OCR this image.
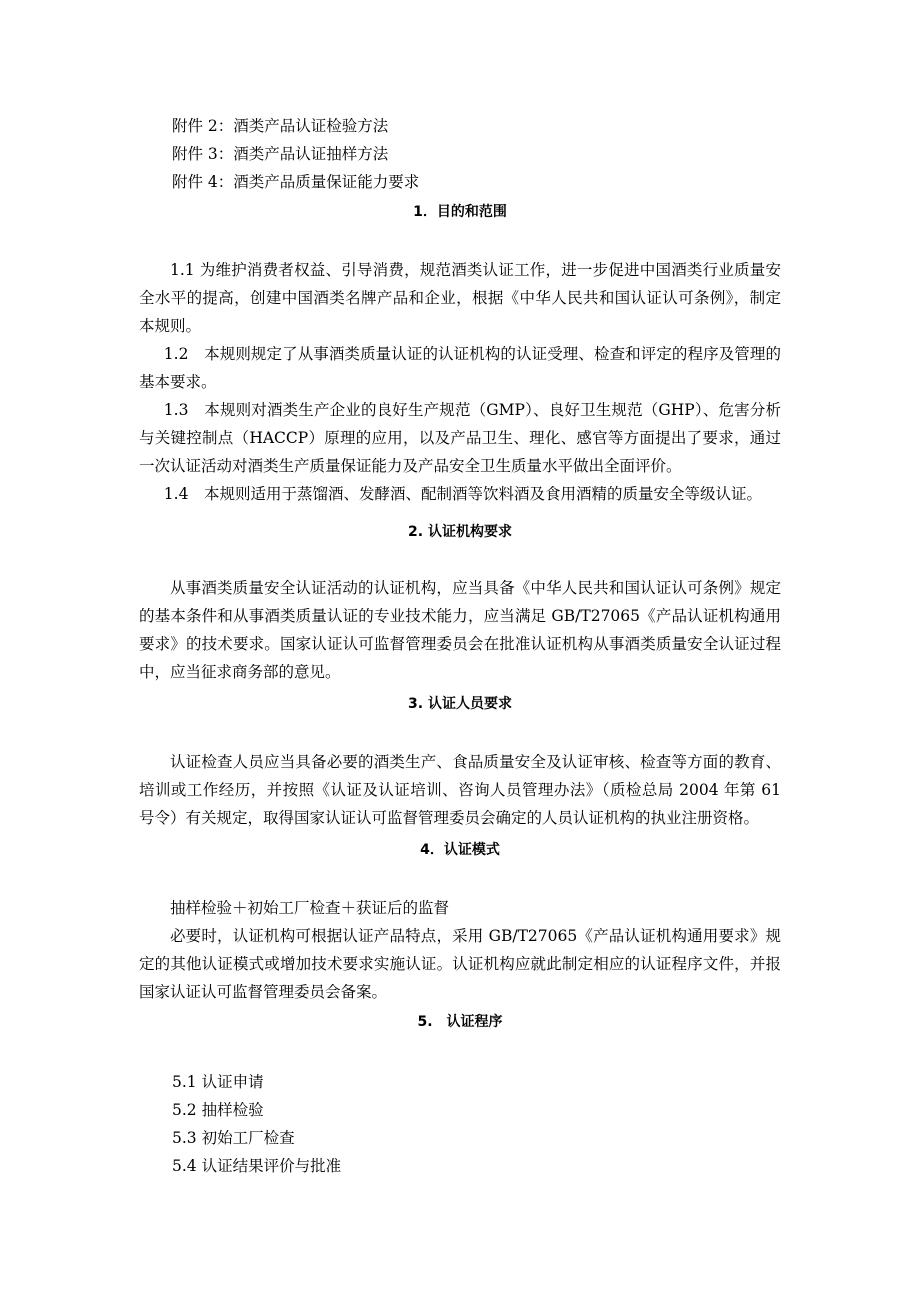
附件 2：酒类产品认证检验方法
附件 3：酒类产品认证抽样方法
附件 4：酒类产品质量保证能力要求
1．目的和范围
1.1 为维护消费者权益、引导消费，规范酒类认证工作，进一步促进中国酒类行业质量安全水平的提高，创建中国酒类名牌产品和企业，根据《中华人民共和国认证认可条例》，制定本规则。
1.2　本规则规定了从事酒类质量认证的认证机构的认证受理、检查和评定的程序及管理的基本要求。
1.3　本规则对酒类生产企业的良好生产规范（GMP）、良好卫生规范（GHP）、危害分析与关键控制点（HACCP）原理的应用，以及产品卫生、理化、感官等方面提出了要求，通过一次认证活动对酒类生产质量保证能力及产品安全卫生质量水平做出全面评价。
1.4　本规则适用于蒸馏酒、发酵酒、配制酒等饮料酒及食用酒精的质量安全等级认证。
2. 认证机构要求
从事酒类质量安全认证活动的认证机构，应当具备《中华人民共和国认证认可条例》规定的基本条件和从事酒类质量认证的专业技术能力，应当满足 GB/T27065《产品认证机构通用要求》的技术要求。国家认证认可监督管理委员会在批准认证机构从事酒类质量安全认证过程中，应当征求商务部的意见。
3. 认证人员要求
认证检查人员应当具备必要的酒类生产、食品质量安全及认证审核、检查等方面的教育、培训或工作经历，并按照《认证及认证培训、咨询人员管理办法》（质检总局 2004 年第 61 号令）有关规定，取得国家认证认可监督管理委员会确定的人员认证机构的执业注册资格。
4．认证模式
抽样检验＋初始工厂检查＋获证后的监督
必要时，认证机构可根据认证产品特点，采用 GB/T27065《产品认证机构通用要求》规定的其他认证模式或增加技术要求实施认证。认证机构应就此制定相应的认证程序文件，并报国家认证认可监督管理委员会备案。
5.　认证程序
5.1 认证申请
5.2 抽样检验
5.3 初始工厂检查
5.4 认证结果评价与批准
